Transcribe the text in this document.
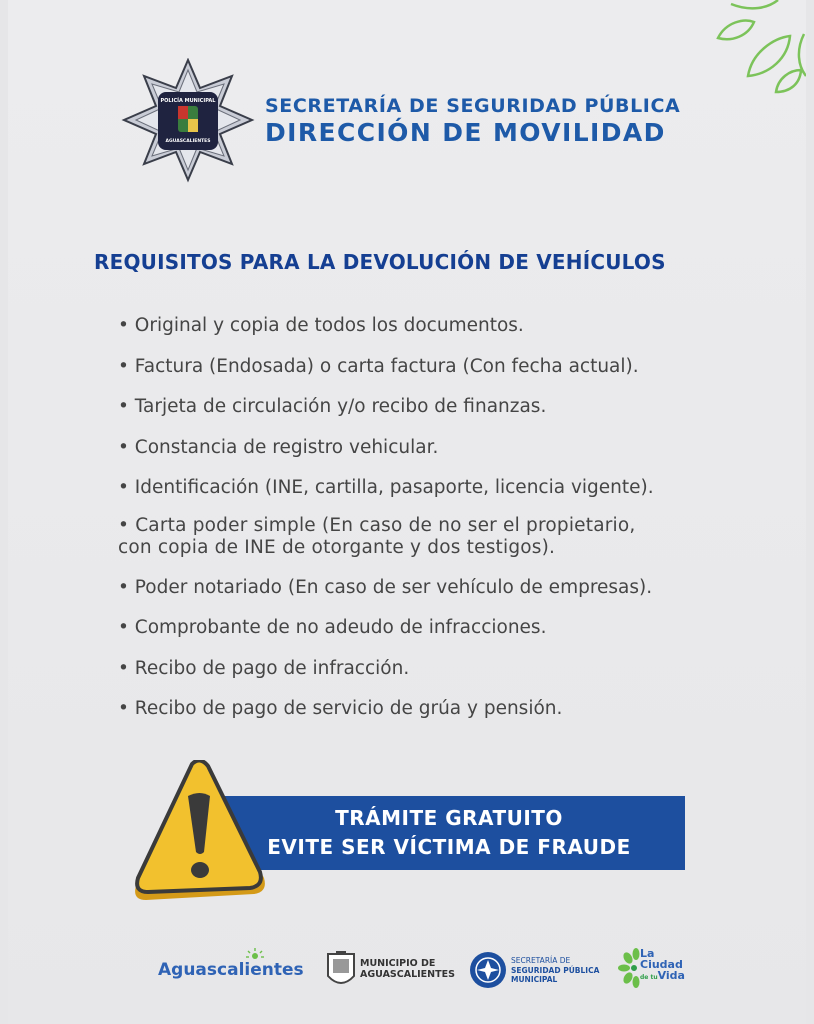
POLICÍA MUNICIPAL
AGUASCALIENTES
SECRETARÍA DE SEGURIDAD PÚBLICA
DIRECCIÓN DE MOVILIDAD
REQUISITOS PARA LA DEVOLUCIÓN DE VEHÍCULOS
• Original y copia de todos los documentos.
• Factura (Endosada) o carta factura (Con fecha actual).
• Tarjeta de circulación y/o recibo de finanzas.
• Constancia de registro vehicular.
• Identificación (INE, cartilla, pasaporte, licencia vigente).
• Carta poder simple (En caso de no ser el propietario,
con copia de INE de otorgante y dos testigos).
• Poder notariado (En caso de ser vehículo de empresas).
• Comprobante de no adeudo de infracciones.
• Recibo de pago de infracción.
• Recibo de pago de servicio de grúa y pensión.
TRÁMITE GRATUITO
EVITE SER VÍCTIMA DE FRAUDE
Aguascalientes	MUNICIPIO DE
AGUASCALIENTES
SECRETARÍA DE
SEGURIDAD PÚBLICA
MUNICIPAL
La
Ciudad
de tuVida
